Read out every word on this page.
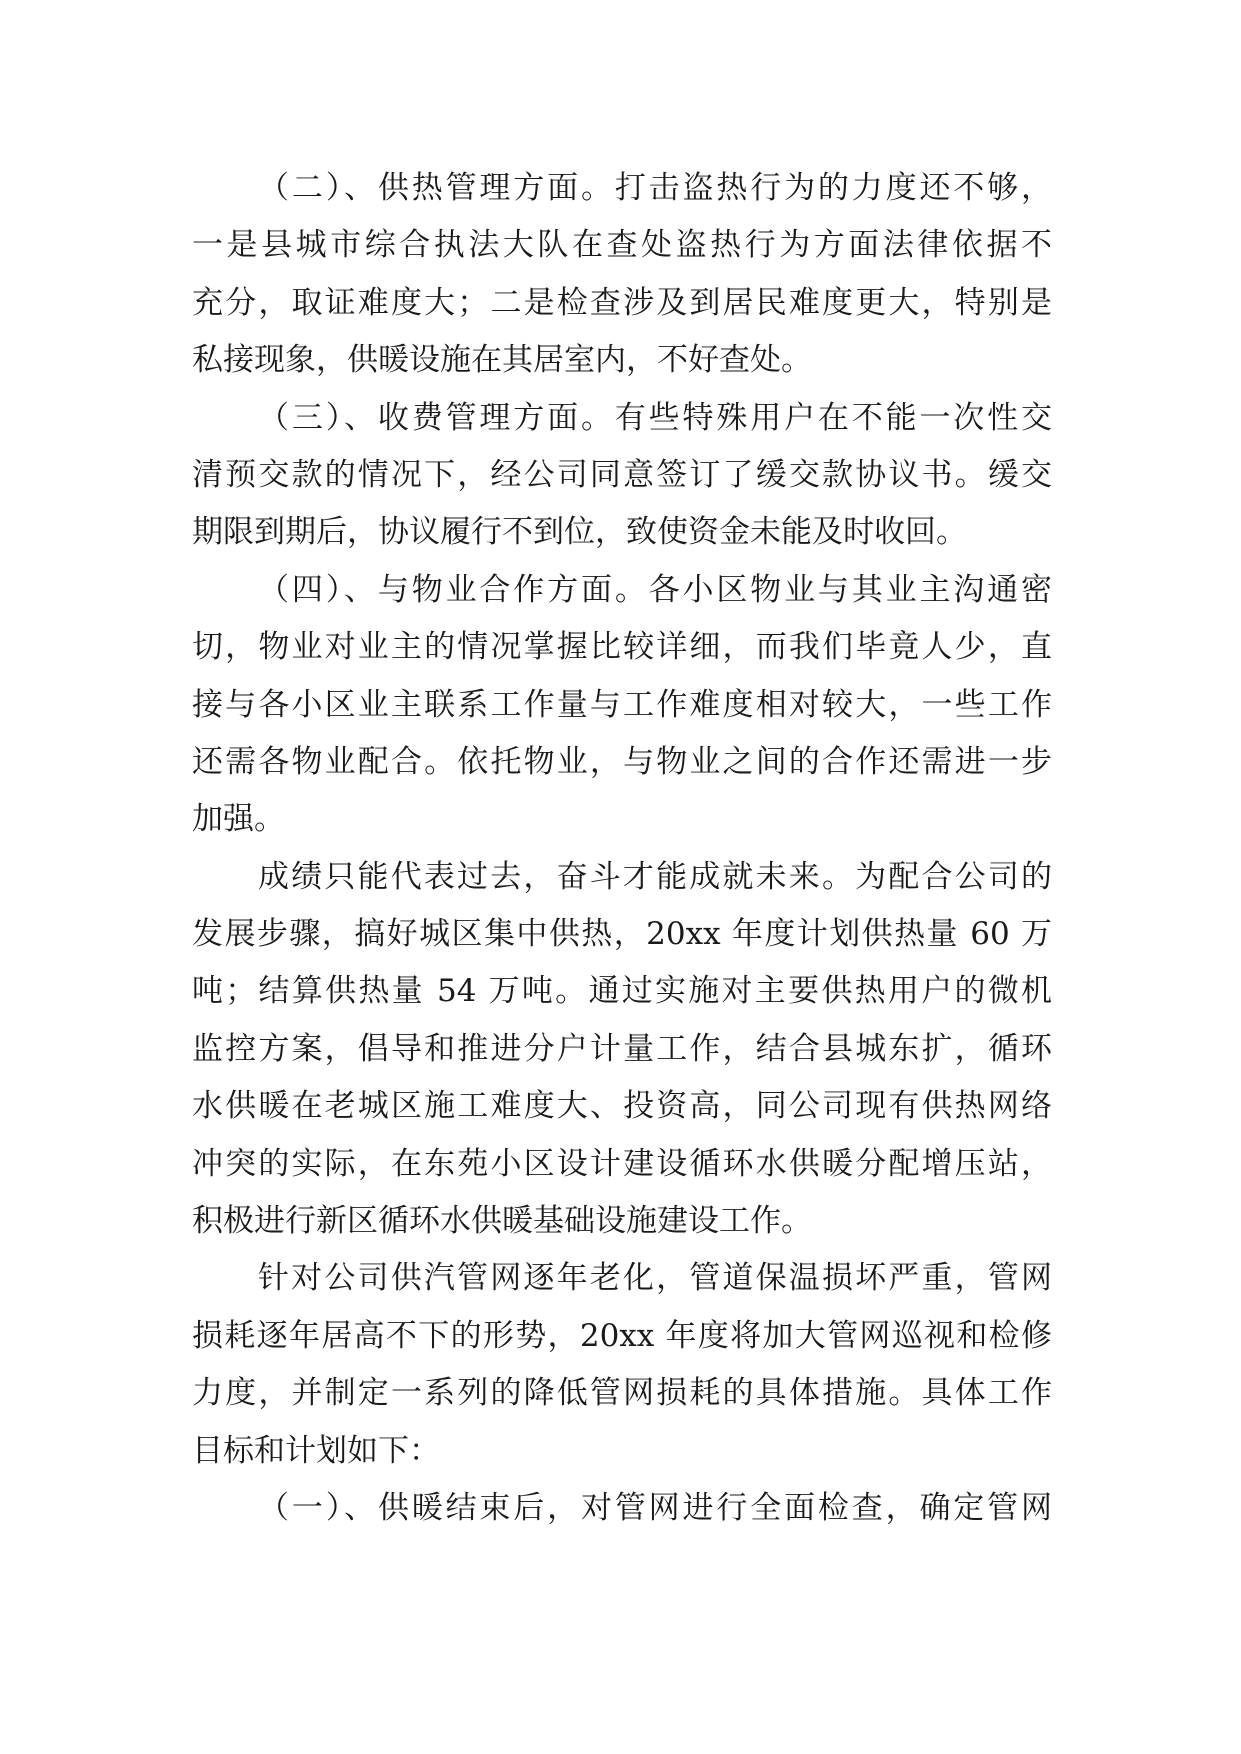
（二）、供热管理方面。打击盗热行为的力度还不够，
一是县城市综合执法大队在查处盗热行为方面法律依据不
充分，取证难度大；二是检查涉及到居民难度更大，特别是
私接现象，供暖设施在其居室内，不好查处。
（三）、收费管理方面。有些特殊用户在不能一次性交
清预交款的情况下，经公司同意签订了缓交款协议书。缓交
期限到期后，协议履行不到位，致使资金未能及时收回。
（四）、与物业合作方面。各小区物业与其业主沟通密
切，物业对业主的情况掌握比较详细，而我们毕竟人少，直
接与各小区业主联系工作量与工作难度相对较大，一些工作
还需各物业配合。依托物业，与物业之间的合作还需进一步
加强。
成绩只能代表过去，奋斗才能成就未来。为配合公司的
发展步骤，搞好城区集中供热，20xx 年度计划供热量 60 万
吨；结算供热量 54 万吨。通过实施对主要供热用户的微机
监控方案，倡导和推进分户计量工作，结合县城东扩，循环
水供暖在老城区施工难度大、投资高，同公司现有供热网络
冲突的实际，在东苑小区设计建设循环水供暖分配增压站，
积极进行新区循环水供暖基础设施建设工作。
针对公司供汽管网逐年老化，管道保温损坏严重，管网
损耗逐年居高不下的形势，20xx 年度将加大管网巡视和检修
力度，并制定一系列的降低管网损耗的具体措施。具体工作
目标和计划如下：
（一）、供暖结束后，对管网进行全面检查，确定管网
